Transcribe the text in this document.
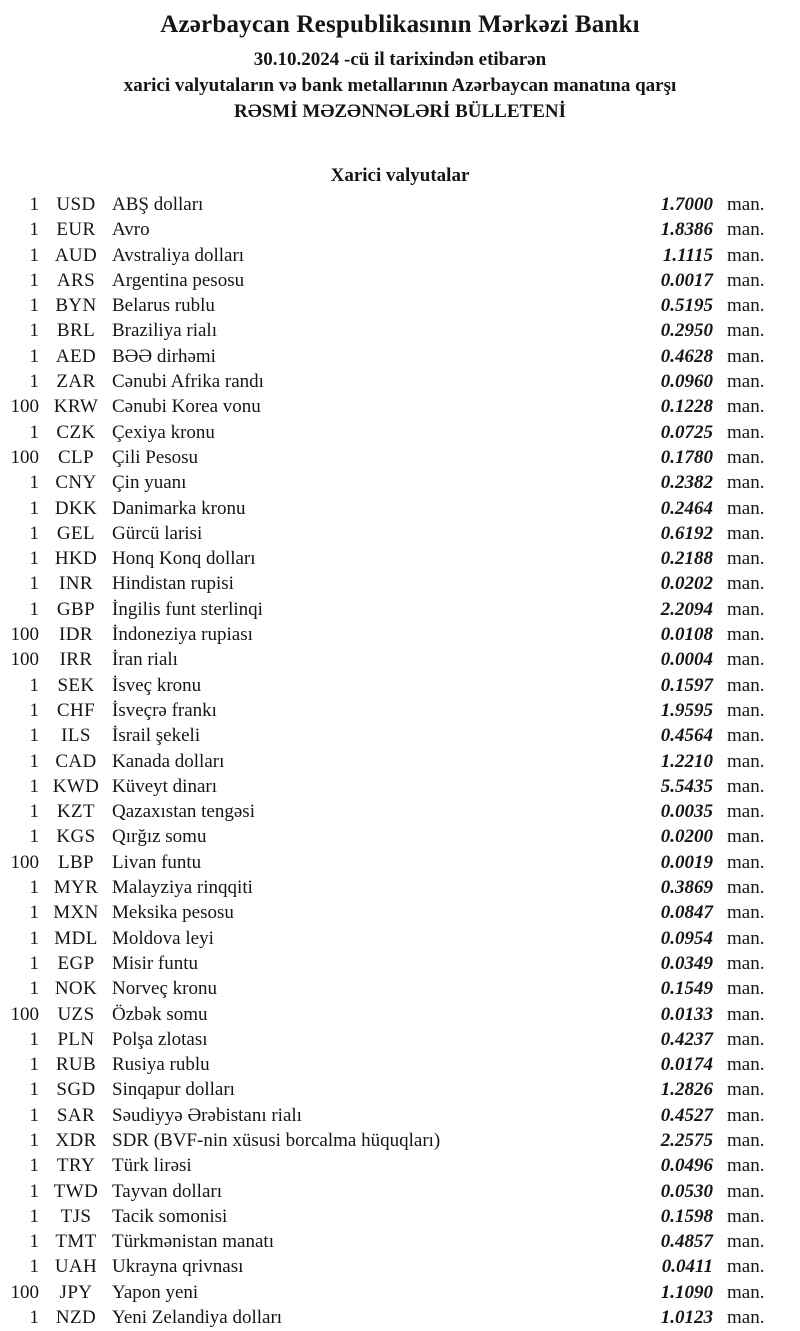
Azərbaycan Respublikasının Mərkəzi Bankı
30.10.2024 -cü il tarixindən etibarən
xarici valyutaların və bank metallarının Azərbaycan manatına qarşı
RƏSMİ MƏZƏNNƏLƏRİ BÜLLETENİ
Xarici valyutalar
1 USD ABŞ dolları	1.7000 man.
1 EUR Avro	1.8386 man.
1 AUD Avstraliya dolları	1.1115 man.
1 ARS Argentina pesosu	0.0017 man.
1 BYN Belarus rublu	0.5195 man.
1 BRL Braziliya rialı	0.2950 man.
1 AED BƏƏ dirhəmi	0.4628 man.
1 ZAR Cənubi Afrika randı	0.0960 man.
100 KRW Cənubi Korea vonu	0.1228 man.
1 CZK Çexiya kronu	0.0725 man.
100 CLP Çili Pesosu	0.1780 man.
1 CNY Çin yuanı	0.2382 man.
1 DKK Danimarka kronu	0.2464 man.
1 GEL Gürcü larisi	0.6192 man.
1 HKD Honq Konq dolları	0.2188 man.
1	INR	Hindistan rupisi	0.0202 man.
1 GBP İngilis funt sterlinqi	2.2094 man.
100	IDR	İndoneziya rupiası	0.0108 man.
100	IRR	İran rialı	0.0004 man.
1 SEK İsveç kronu	0.1597 man.
1 CHF İsveçrə frankı	1.9595 man.
1	ILS	İsrail şekeli	0.4564 man.
1 CAD Kanada dolları	1.2210 man.
1 KWD Küveyt dinarı	5.5435 man.
1 KZT Qazaxıstan tengəsi	0.0035 man.
1 KGS Qırğız somu	0.0200 man.
100 LBP Livan funtu	0.0019 man.
1 MYR Malayziya rinqqiti	0.3869 man.
1 MXN Meksika pesosu	0.0847 man.
1 MDL Moldova leyi	0.0954 man.
1 EGP Misir funtu	0.0349 man.
1 NOK Norveç kronu	0.1549 man.
100 UZS Özbək somu	0.0133 man.
1 PLN Polşa zlotası	0.4237 man.
1 RUB Rusiya rublu	0.0174 man.
1 SGD Sinqapur dolları	1.2826 man.
1 SAR Səudiyyə Ərəbistanı rialı	0.4527 man.
1 XDR SDR (BVF-nin xüsusi borcalma hüquqları)	2.2575 man.
1 TRY Türk lirəsi	0.0496 man.
1 TWD Tayvan dolları	0.0530 man.
1	TJS	Tacik somonisi	0.1598 man.
1 TMT Türkmənistan manatı	0.4857 man.
1 UAH Ukrayna qrivnası	0.0411 man.
100	JPY	Yapon yeni	1.1090 man.
1 NZD Yeni Zelandiya dolları	1.0123 man.
